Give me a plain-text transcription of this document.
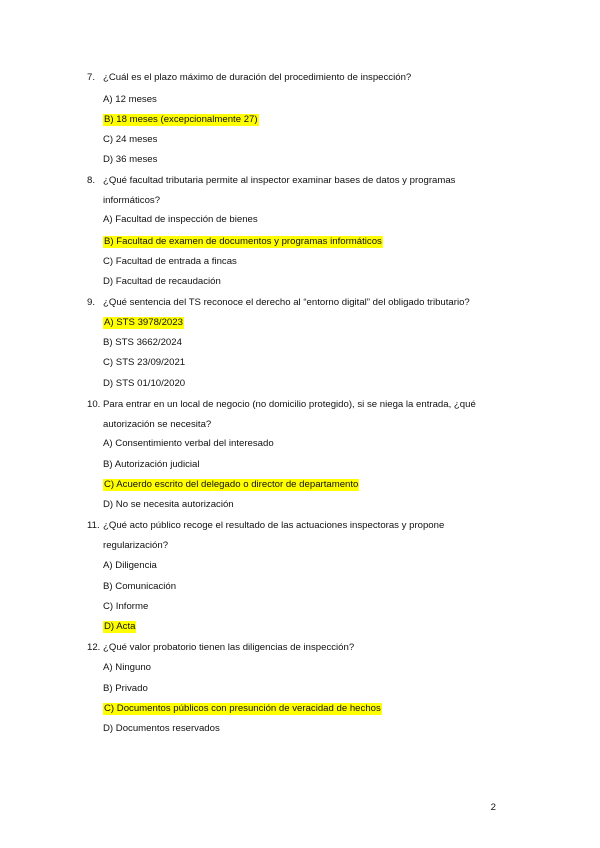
7. ¿Cuál es el plazo máximo de duración del procedimiento de inspección?
A) 12 meses
B) 18 meses (excepcionalmente 27)
C) 24 meses
D) 36 meses
8. ¿Qué facultad tributaria permite al inspector examinar bases de datos y programas
informáticos?
A) Facultad de inspección de bienes
B) Facultad de examen de documentos y programas informáticos
C) Facultad de entrada a fincas
D) Facultad de recaudación
9. ¿Qué sentencia del TS reconoce el derecho al “entorno digital” del obligado tributario?
A) STS 3978/2023
B) STS 3662/2024
C) STS 23/09/2021
D) STS 01/10/2020
10. Para entrar en un local de negocio (no domicilio protegido), si se niega la entrada, ¿qué
autorización se necesita?
A) Consentimiento verbal del interesado
B) Autorización judicial
C) Acuerdo escrito del delegado o director de departamento
D) No se necesita autorización
11. ¿Qué acto público recoge el resultado de las actuaciones inspectoras y propone
regularización?
A) Diligencia
B) Comunicación
C) Informe
D) Acta
12. ¿Qué valor probatorio tienen las diligencias de inspección?
A) Ninguno
B) Privado
C) Documentos públicos con presunción de veracidad de hechos
D) Documentos reservados
2
